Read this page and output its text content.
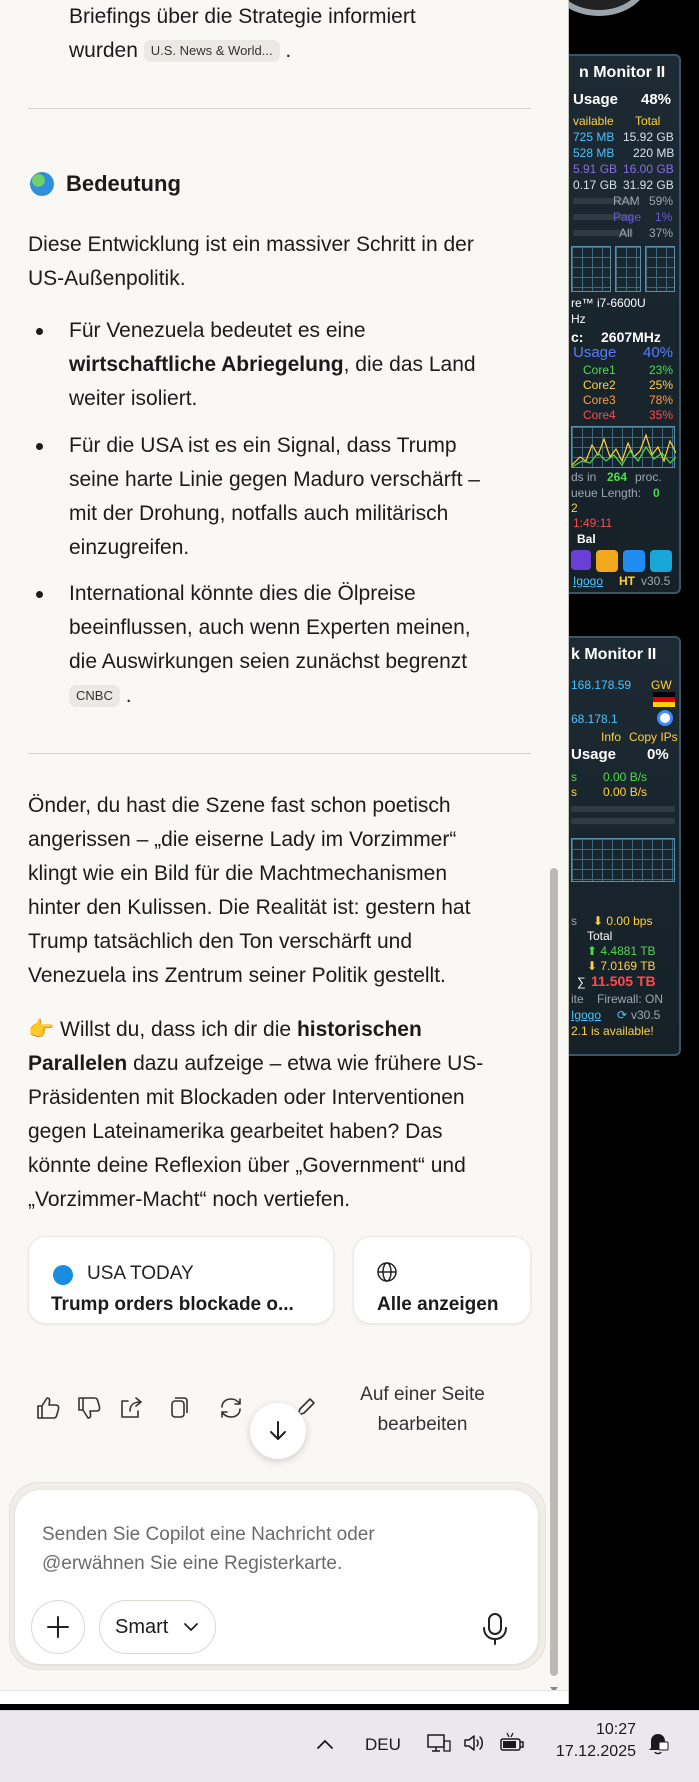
Briefings über die Strategie informiert
wurden U.S. News & World... .
Bedeutung
Diese Entwicklung ist ein massiver Schritt in der
US-Außenpolitik.
Für Venezuela bedeutet es eine
wirtschaftliche Abriegelung, die das Land
weiter isoliert.
Für die USA ist es ein Signal, dass Trump
seine harte Linie gegen Maduro verschärft –
mit der Drohung, notfalls auch militärisch
einzugreifen.
International könnte dies die Ölpreise
beeinflussen, auch wenn Experten meinen,
die Auswirkungen seien zunächst begrenzt
CNBC .
Önder, du hast die Szene fast schon poetisch
angerissen – „die eiserne Lady im Vorzimmer“
klingt wie ein Bild für die Machtmechanismen
hinter den Kulissen. Die Realität ist: gestern hat
Trump tatsächlich den Ton verschärft und
Venezuela ins Zentrum seiner Politik gestellt.
👉 Willst du, dass ich dir die historischen
Parallelen dazu aufzeige – etwa wie frühere US-
Präsidenten mit Blockaden oder Interventionen
gegen Lateinamerika gearbeitet haben? Das
könnte deine Reflexion über „Government“ und
„Vorzimmer-Macht“ noch vertiefen.
USA TODAY
Trump orders blockade o...	Alle anzeigen
Auf einer Seite
bearbeiten
Senden Sie Copilot eine Nachricht oder
@erwähnen Sie eine Registerkarte.
Smart
n Monitor II
Usage 48%
vailable Total
725 MB 15.92 GB
528 MB 220 MB
5.91 GB 16.00 GB
0.17 GB 31.92 GB
RAM 59%
Page 1%
All 37%
re™ i7-6600U
Hz
c: 2607MHz
Usage 40%
Core1	23%
Core2	25%
Core3	78%
Core4	35%
ds in 264 proc.
ueue Length: 0
2
1:49:11
Bal
Igogo HT v30.5
k Monitor II
168.178.59 GW
68.178.1
Info Copy IPs
Usage 0%
s 0.00 B/s
s 0.00 B/s
s ⬇ 0.00 bps
Total
⬆ 4.4881 TB
⬇ 7.0169 TB
∑ 11.505 TB
ite Firewall: ON
Igogo ⟳ v30.5
2.1 is available!
DEU
10:27
17.12.2025
